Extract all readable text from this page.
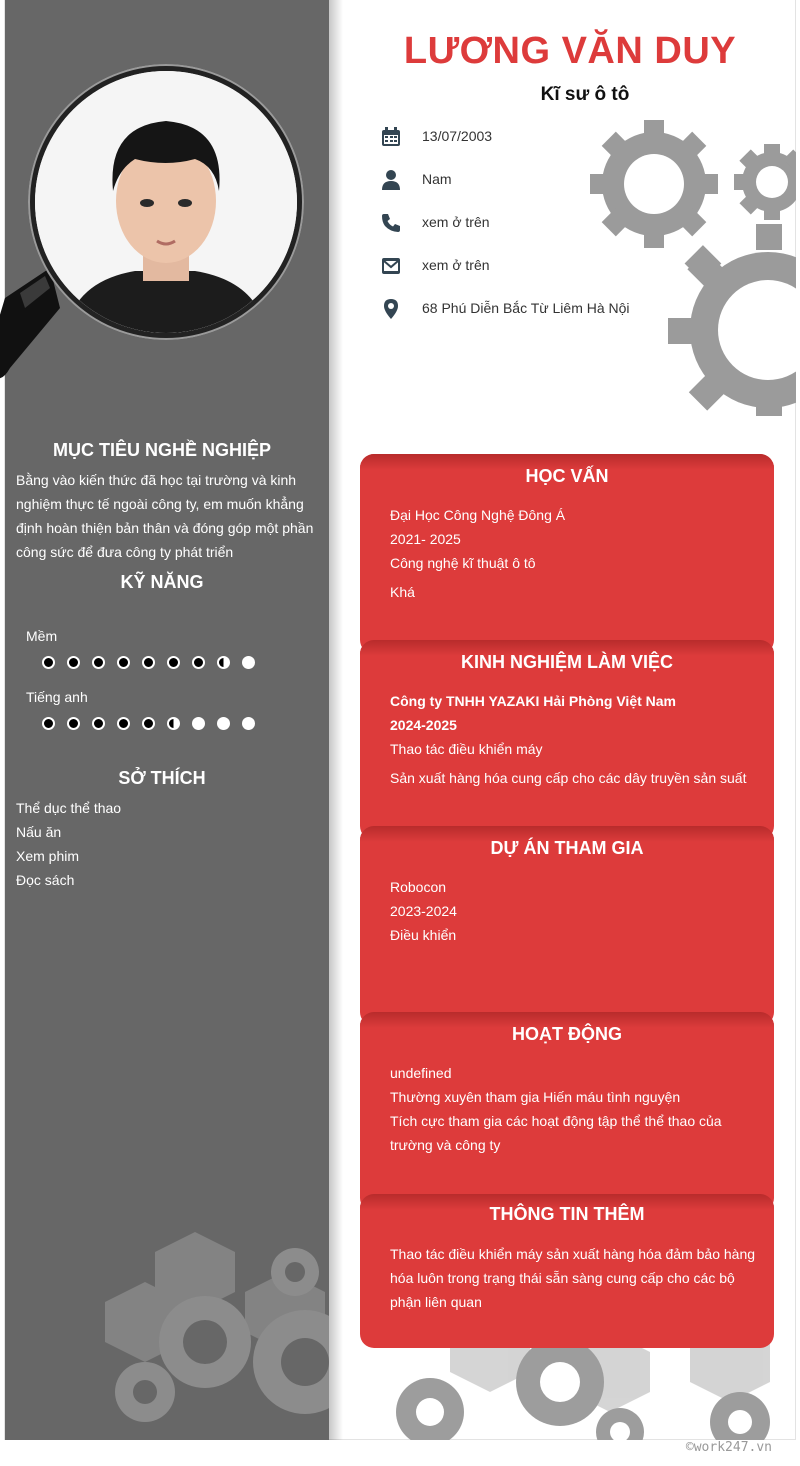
MỤC TIÊU NGHỀ NGHIỆP
Bằng vào kiến thức đã học tại trường và kinh
nghiệm thực tế ngoài công ty, em muốn khẳng
định hoàn thiện bản thân và đóng góp một phần
công sức để đưa công ty phát triển
KỸ NĂNG
Mềm
Tiếng anh
SỞ THÍCH
Thể dục thể thao
Nấu ăn
Xem phim
Đọc sách
LƯƠNG VĂN DUY
Kĩ sư ô tô
13/07/2003
Nam
xem ở trên
xem ở trên
68 Phú Diễn Bắc Từ Liêm Hà Nội
HỌC VẤN
Đại Học Công Nghệ Đông Á
2021- 2025
Công nghệ kĩ thuật ô tô
Khá
KINH NGHIỆM LÀM VIỆC
Công ty TNHH YAZAKI Hải Phòng Việt Nam
2024-2025
Thao tác điều khiển máy
Sản xuất hàng hóa cung cấp cho các dây truyền sản suất
DỰ ÁN THAM GIA
Robocon
2023-2024
Điều khiển
HOẠT ĐỘNG
undefined
Thường xuyên tham gia Hiến máu tình nguyện
Tích cực tham gia các hoạt động tập thể thể thao của
trường và công ty
THÔNG TIN THÊM
Thao tác điều khiển máy sản xuất hàng hóa đảm bảo hàng
hóa luôn trong trạng thái sẵn sàng cung cấp cho các bộ
phận liên quan
©work247.vn
